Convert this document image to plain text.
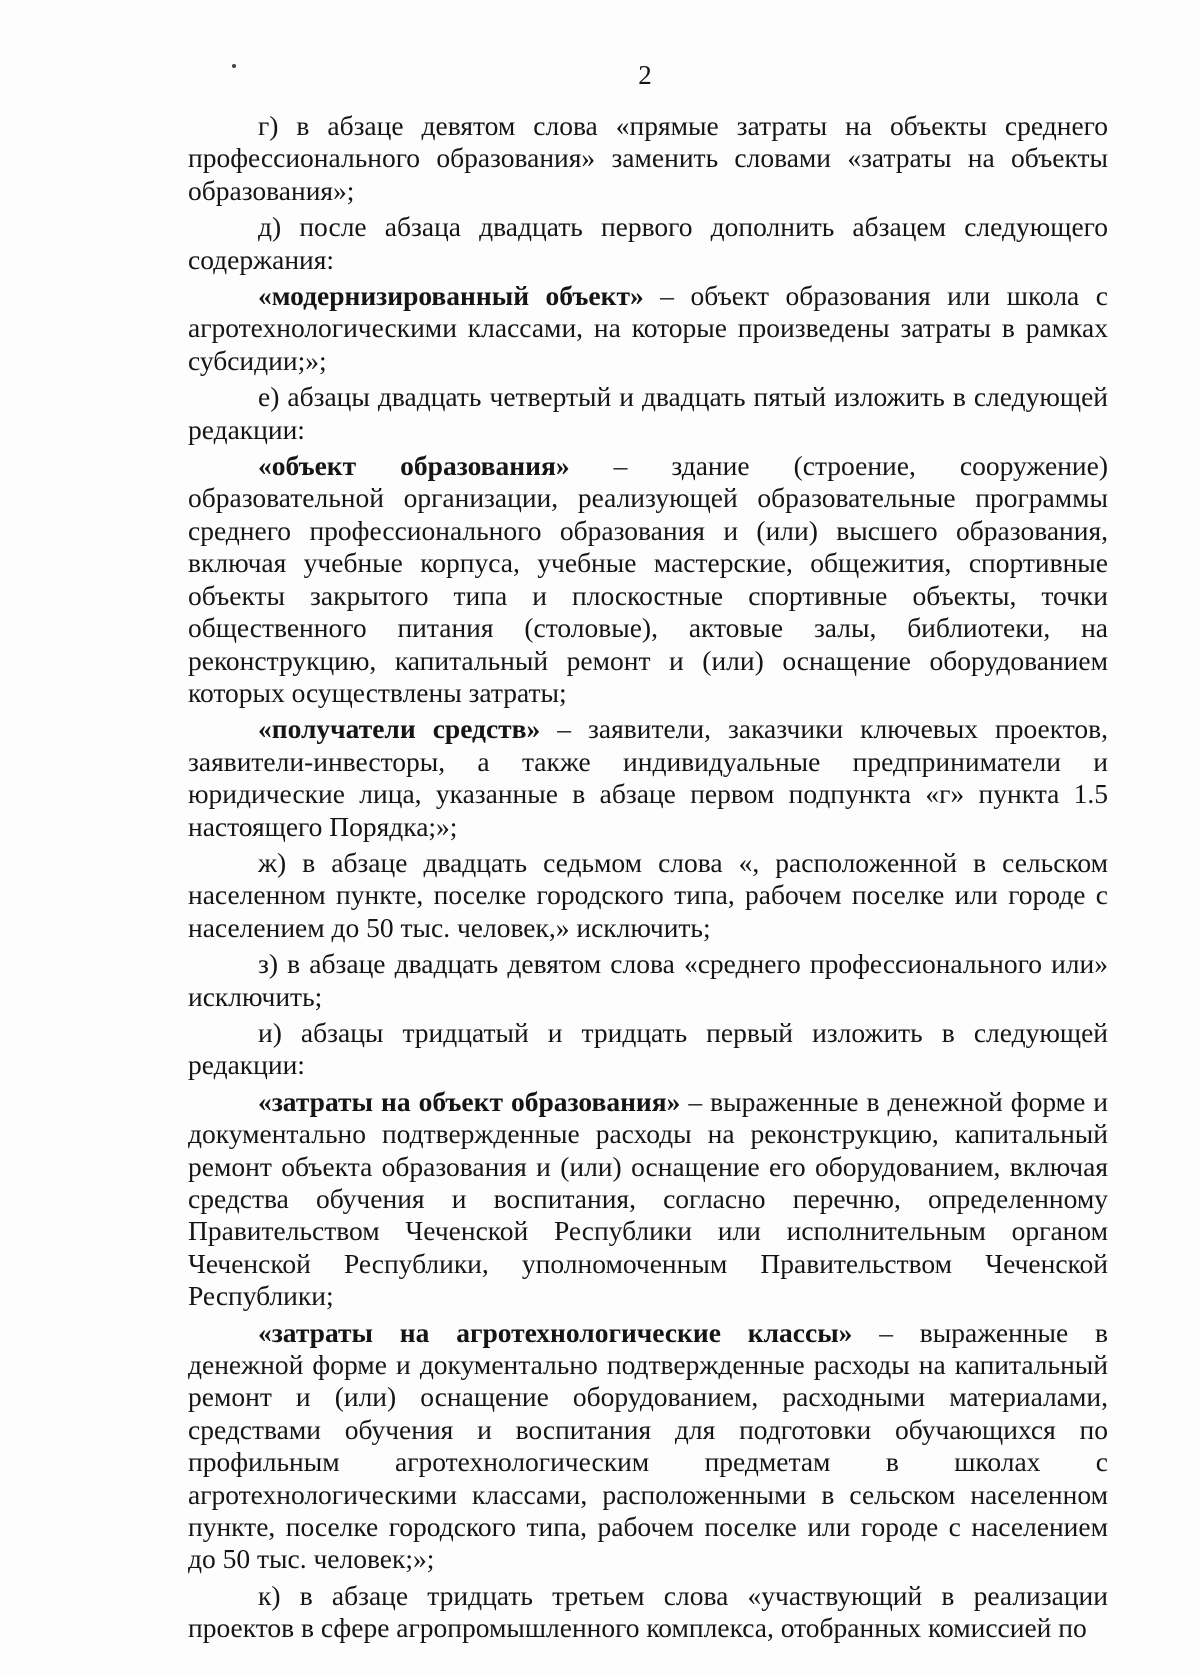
2

г) в абзаце девятом слова «прямые затраты на объекты среднего профессионального образования» заменить словами «затраты на объекты образования»;

д) после абзаца двадцать первого дополнить абзацем следующего содержания:

«модернизированный объект» – объект образования или школа с агротехнологическими классами, на которые произведены затраты в рамках субсидии;»;

е) абзацы двадцать четвертый и двадцать пятый изложить в следующей редакции:

«объект образования» – здание (строение, сооружение) образовательной организации, реализующей образовательные программы среднего профессионального образования и (или) высшего образования, включая учебные корпуса, учебные мастерские, общежития, спортивные объекты закрытого типа и плоскостные спортивные объекты, точки общественного питания (столовые), актовые залы, библиотеки, на реконструкцию, капитальный ремонт и (или) оснащение оборудованием которых осуществлены затраты;

«получатели средств» – заявители, заказчики ключевых проектов, заявители-инвесторы, а также индивидуальные предприниматели и юридические лица, указанные в абзаце первом подпункта «г» пункта 1.5 настоящего Порядка;»;

ж) в абзаце двадцать седьмом слова «, расположенной в сельском населенном пункте, поселке городского типа, рабочем поселке или городе с населением до 50 тыс. человек,» исключить;

з) в абзаце двадцать девятом слова «среднего профессионального или» исключить;

и) абзацы тридцатый и тридцать первый изложить в следующей редакции:

«затраты на объект образования» – выраженные в денежной форме и документально подтвержденные расходы на реконструкцию, капитальный ремонт объекта образования и (или) оснащение его оборудованием, включая средства обучения и воспитания, согласно перечню, определенному Правительством Чеченской Республики или исполнительным органом Чеченской Республики, уполномоченным Правительством Чеченской Республики;

«затраты на агротехнологические классы» – выраженные в денежной форме и документально подтвержденные расходы на капитальный ремонт и (или) оснащение оборудованием, расходными материалами, средствами обучения и воспитания для подготовки обучающихся по профильным агротехнологическим предметам в школах с агротехнологическими классами, расположенными в сельском населенном пункте, поселке городского типа, рабочем поселке или городе с населением до 50 тыс. человек;»;

к) в абзаце тридцать третьем слова «участвующий в реализации проектов в сфере агропромышленного комплекса, отобранных комиссией по
